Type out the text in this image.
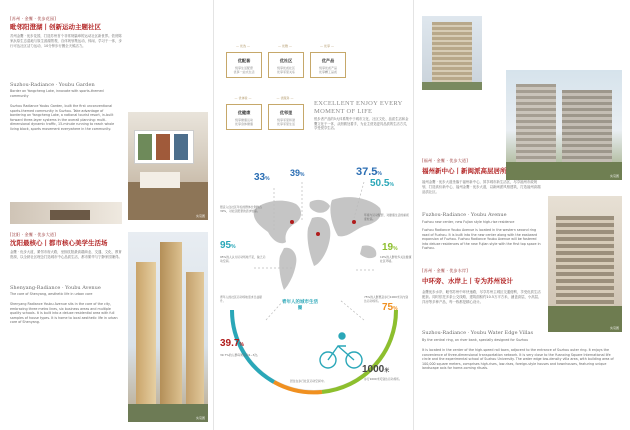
[苏州 · 金鹰 · 优步花园]
毗邻阳澄湖丨创新运动主题社区
苏州金鹰 · 优步花园，打造苏州首个非常规篇章的运动社区新世界。依傍陈家浜原生态湿地与原生滨湖景观，自体规划集运动、休闲、学习于一体，步行可达社区活力运动，10分钟步行圈全天候活力。
Suzhou-Radiance · Youbu Garden
Border on Yangcheng Lake, innovate with sports-themed community
Suzhou Radiance Youbu Garden, built the first unconventional sports-themed community in Suzhou. Take advantage of bordering on Yangcheng Lake, a national tourist resort, in-built forward three-layer systems in the overall planning: multi-dimensional dynamic traffic, 15-minute running to reach whole living block, sports movement everywhere in the community.
实景图
[沈阳 · 金鹰 · 优步大道]
沈阳最核心丨都市核心美学生活场
金鹰 · 优步大道，紧邻市府大路，坐拥沈阳最高端商业、交通、文化、教育资源，以全龄社区理念打造城市中心品质生活，都市繁华与宁静家园兼得。
Shenyang-Radiance · Youbu Avenue
The core of Shenyang, aesthetic life in urban core
Shenyang Radiance Youbu Avenue sits in the core of the city, embracing three metro lines, six business areas and multiple quality schools. It is built into a deluxe residential area with full samples of house types. It is home to local aesthetic life in urban core of Shenyang.
实景图
— 优选 —	— 优雅 —	— 优享 —
优配套
悦享生活配套
优享一站式生活
优社区
悦享优质社区
优享邻里关系
优产品
悦享优质产品
优享精工品质
— 优体验 —	— 优服务 —
优健康
悦享健康运动
优享身体健康
优邻里
悦享邻里和谐
优享邻里生活
EXCELLENT ENJOY EVERY MOMENT OF LIFE
悦步者产品的5大体系集中于城市文化、社区文化、品质生活和金鹰文化于一体，从细微处着手，为业主营造更具品质的生活方式，享受悦享生活。
33%
39%	37.5%
50.5%
95%	19%
39.7%
75%
1000米
愿意入住社区年轻的群体比例约占39%，对社区配套的需求较高。
环境与运动配套，对健康生活的重视度较高。
95%的人认为运动场地不足，缺乏运动空间。
19%的人群较多关注健康社区环境。
青年人的社区运动场地需求日益提升。
39.7%的人群每周运动2~3次。
75%的人群愿意步行1000米以内到达运动场所。
步行1000米可到达运动场所。
居住在步行社区运动空间中。
青年人的城市生活圈
实景图
[福州 · 金鹰 · 优步大道]
福州新中心丨新闽派高层居所
福州金鹰 · 优步大道坐落于福州新中心，屏享城市新生活区，尽享福州市政规划，打造高价新中心，福州金鹰 · 优步大道，以新闽派风格建筑，打造福州高端品质社区。
Fuzhou-Radiance · Youbu Avenue
Fuzhou new center, new Fujian style high-rise residence
Fuzhou Radiance Youbu Avenue is located in the western second ring road of Fuzhou. It is built into the new center along with the eastward expansion of Fuzhou. Fuzhou Radiance Youbu Avenue will be fostered into deluxe residences of the new Fujian style with the first top space in Fuzhou.
[苏州 · 金鹰 · 优步水岸]
中环旁、水岸上丨专为苏州设计
金鹰优步水岸，毗邻苏州中环快速路，尽享苏州主城区交通便利，享受优质生活配套。同时依托多条公交线路，建筑面积约10.5万平方米，涵盖高层、小高层、洋房等多种产品，每一栋都是精心设计。
Suzhou-Radiance · Youbu Water Edge Villas
By the central ring, on river bank, specially designed for Suzhou
It is located in the center of the high-speed rail town, adjacent to the entrance of Suzhou outer ring. It enjoys the convenience of three-dimensional transportation network. It is very close to the Yuanxing Square International life circle and the experimental school of Suzhou University. The water edge low-density villa area, with building area of 100,000 square meters, comprises high-rises, low-rises, foreign-style houses and townhouses, featuring unique landscape axis for home-coming rituals.
实景图
